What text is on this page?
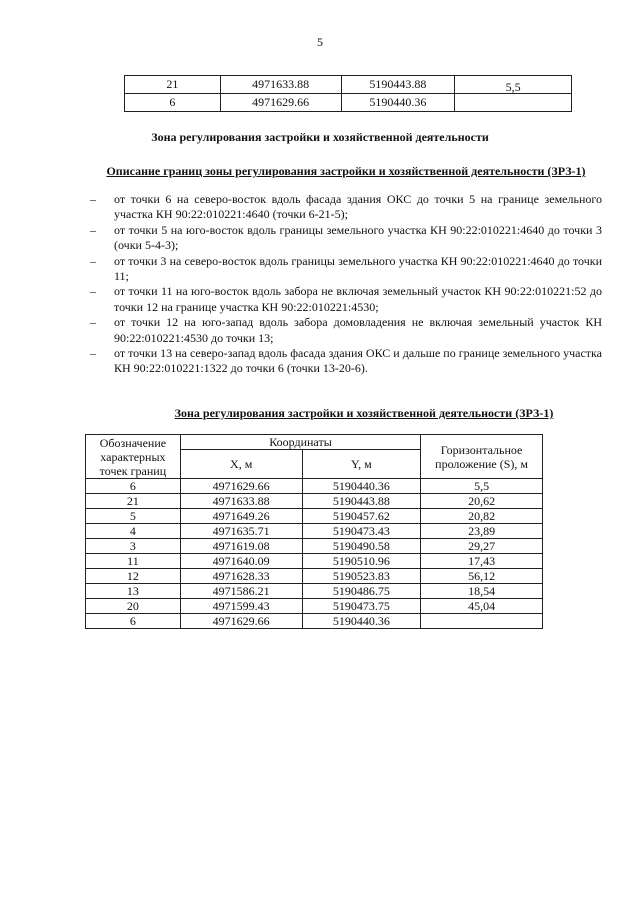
5
21	4971633.88	5190443.88	5,5
6	4971629.66	5190440.36	
Зона регулирования застройки и хозяйственной деятельности
Описание границ зоны регулирования застройки и хозяйственной деятельности (ЗРЗ-1)
– от точки 6 на северо-восток вдоль фасада здания ОКС до точки 5 на границе земельного участка КН 90:22:010221:4640 (точки 6-21-5);
– от точки 5 на юго-восток вдоль границы земельного участка КН 90:22:010221:4640 до точки 3 (очки 5-4-3);
– от точки 3 на северо-восток вдоль границы земельного участка КН 90:22:010221:4640 до точки 11;
– от точки 11 на юго-восток вдоль забора не включая земельный участок КН 90:22:010221:52 до точки 12 на границе участка КН 90:22:010221:4530;
– от точки 12 на юго-запад вдоль забора домовладения не включая земельный участок КН 90:22:010221:4530 до точки 13;
– от точки 13 на северо-запад вдоль фасада здания ОКС и дальше по границе земельного участка КН 90:22:010221:1322 до точки 6 (точки 13-20-6).
Зона регулирования застройки и хозяйственной деятельности (ЗРЗ-1)
Обозначение характерных точек границ	Координаты		Горизонтальное проложение (S), м
	X, м	Y, м	
6	4971629.66	5190440.36	5,5
21	4971633.88	5190443.88	20,62
5	4971649.26	5190457.62	20,82
4	4971635.71	5190473.43	23,89
3	4971619.08	5190490.58	29,27
11	4971640.09	5190510.96	17,43
12	4971628.33	5190523.83	56,12
13	4971586.21	5190486.75	18,54
20	4971599.43	5190473.75	45,04
6	4971629.66	5190440.36	
